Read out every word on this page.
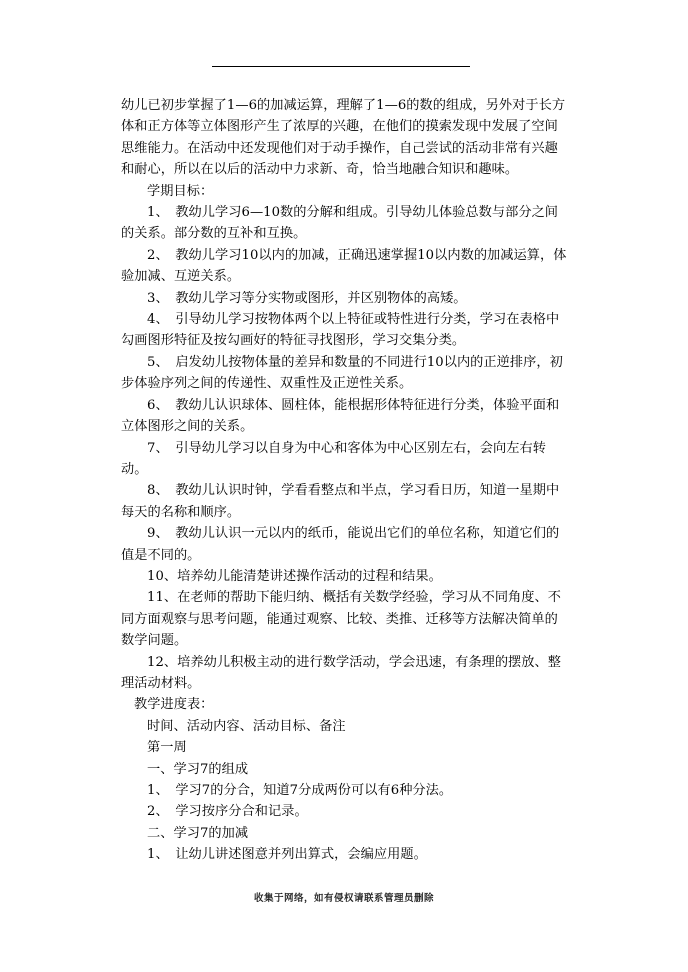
幼儿已初步掌握了1—6的加减运算，理解了1—6的数的组成，另外对于长方体和正方体等立体图形产生了浓厚的兴趣，在他们的摸索发现中发展了空间思维能力。在活动中还发现他们对于动手操作，自己尝试的活动非常有兴趣和耐心，所以在以后的活动中力求新、奇，恰当地融合知识和趣味。

学期目标：

1、　教幼儿学习6—10数的分解和组成。引导幼儿体验总数与部分之间的关系。部分数的互补和互换。

2、　教幼儿学习10以内的加减，正确迅速掌握10以内数的加减运算，体验加减、互逆关系。

3、　教幼儿学习等分实物或图形，并区别物体的高矮。

4、　引导幼儿学习按物体两个以上特征或特性进行分类，学习在表格中勾画图形特征及按勾画好的特征寻找图形，学习交集分类。

5、　启发幼儿按物体量的差异和数量的不同进行10以内的正逆排序，初步体验序列之间的传递性、双重性及正逆性关系。

6、　教幼儿认识球体、圆柱体，能根据形体特征进行分类，体验平面和立体图形之间的关系。

7、　引导幼儿学习以自身为中心和客体为中心区别左右，会向左右转动。

8、　教幼儿认识时钟，学看看整点和半点，学习看日历，知道一星期中每天的名称和顺序。

9、　教幼儿认识一元以内的纸币，能说出它们的单位名称，知道它们的值是不同的。

10、培养幼儿能清楚讲述操作活动的过程和结果。

11、在老师的帮助下能归纳、概括有关数学经验，学习从不同角度、不同方面观察与思考问题，能通过观察、比较、类推、迁移等方法解决简单的数学问题。

12、培养幼儿积极主动的进行数学活动，学会迅速，有条理的摆放、整理活动材料。

教学进度表：

时间、活动内容、活动目标、备注

第一周

一、学习7的组成

1、　学习7的分合，知道7分成两份可以有6种分法。

2、　学习按序分合和记录。

二、学习7的加减

1、　让幼儿讲述图意并列出算式，会编应用题。

收集于网络，如有侵权请联系管理员删除
